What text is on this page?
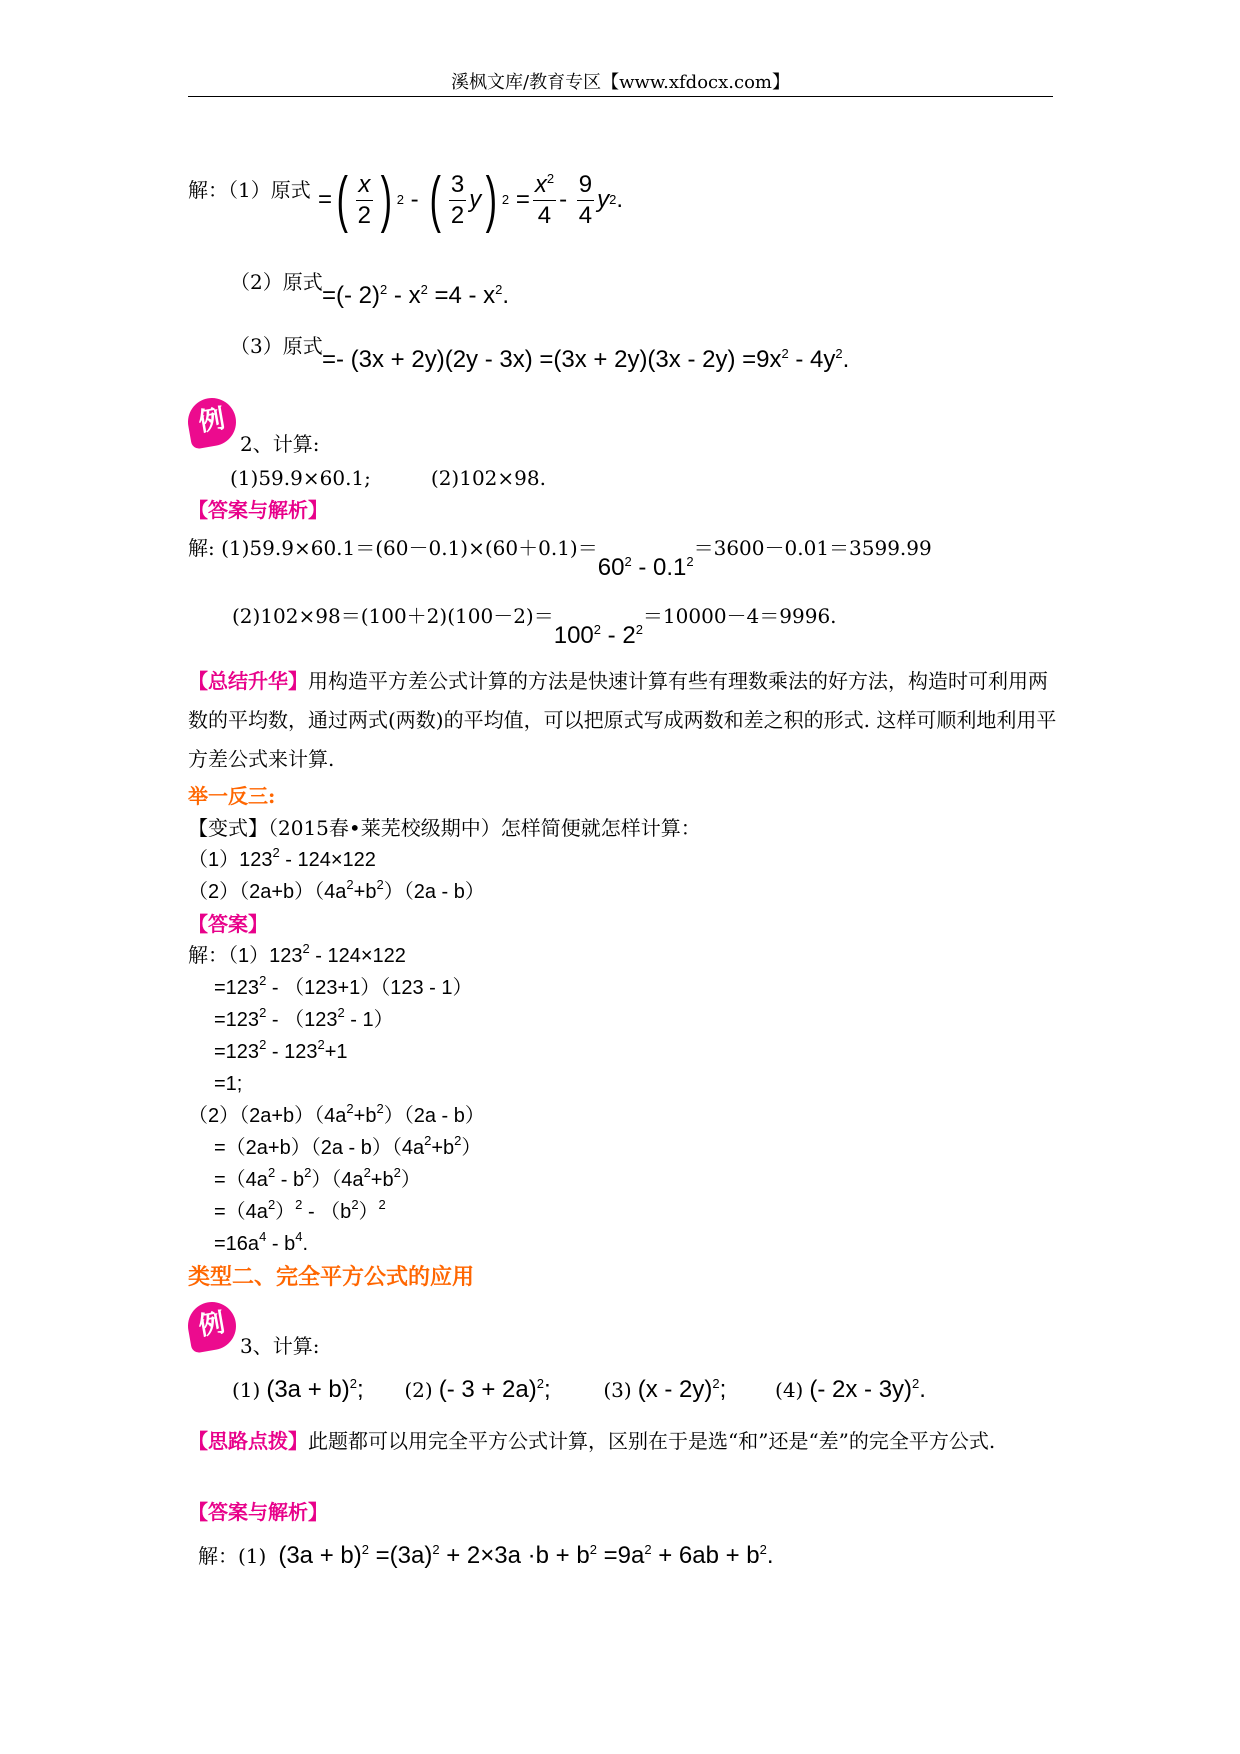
溪枫文库/教育专区【www.xfdocx.com】
解：（1）原式 = ( $\frac{x}{2}$ ) 2 - ( $\frac{3}{2}$ y ) $2 = \frac{x^2}{4} - \frac{9}{4}$ y 2 .
（2）原式 =(- $2)^2 - x^2 =4 - x^2$.
（3）原式 =- $(3x + 2y)(2y - 3x) =(3x + 2y)(3x - 2y) =9x^2 - 4y^2$.
例
2、计算:
(1)59.9×60.1;　　　(2)102×98.
【答案与解析】
解: $(1)59.9\times 60.1=(60-0.1)\times(60+0.1)=60^2 - 0.1^2=3600-0.01=3599.99$
$(2)102\times 98=(100+2)(100-2)=100^2 - 2^2=10000-4=9996$.
【总结升华】用构造平方差公式计算的方法是快速计算有些有理数乘法的好方法，构造时可利用两数的平均数，通过两式(两数)的平均值，可以把原式写成两数和差之积的形式. 这样可顺利地利用平方差公式来计算.
举一反三:
【变式】（2015春•莱芜校级期中）怎样简便就怎样计算：
$(1)123^2 - 124\times 122$
$(2)(2a+b)(4a^2+b^2)(2a - b)$
【答案】
解：$(1)123^2 - 124\times 122$
$=123^2 - (123+1)(123 - 1)$
$=123^2 - (123^2 - 1)$
$=123^2 - 123^2+1$
=1;
$(2)(2a+b)(4a^2+b^2)(2a - b)$
$=(2a+b)(2a - b)(4a^2+b^2)$
$=(4a^2 - b^2)(4a^2+b^2)$
$=(4a^2)^2 - (b^2)^2$
$=16a^4 - b^4$.
类型二、完全平方公式的应用
例
3、计算:
(1) $(3a + b)^2$; (2) (- 3 + 2a)$^2$;	(3) (x - 2y)$^2$; (4) (- 2x - 3y)$^2$.
【思路点拨】此题都可以用完全平方公式计算，区别在于是选“和”还是“差”的完全平方公式.
【答案与解析】
解：(1) $(3a + b)^2 =(3a)^2 + 2\times 3a \cdot b + b^2 =9a^2 + 6ab + b^2$.
